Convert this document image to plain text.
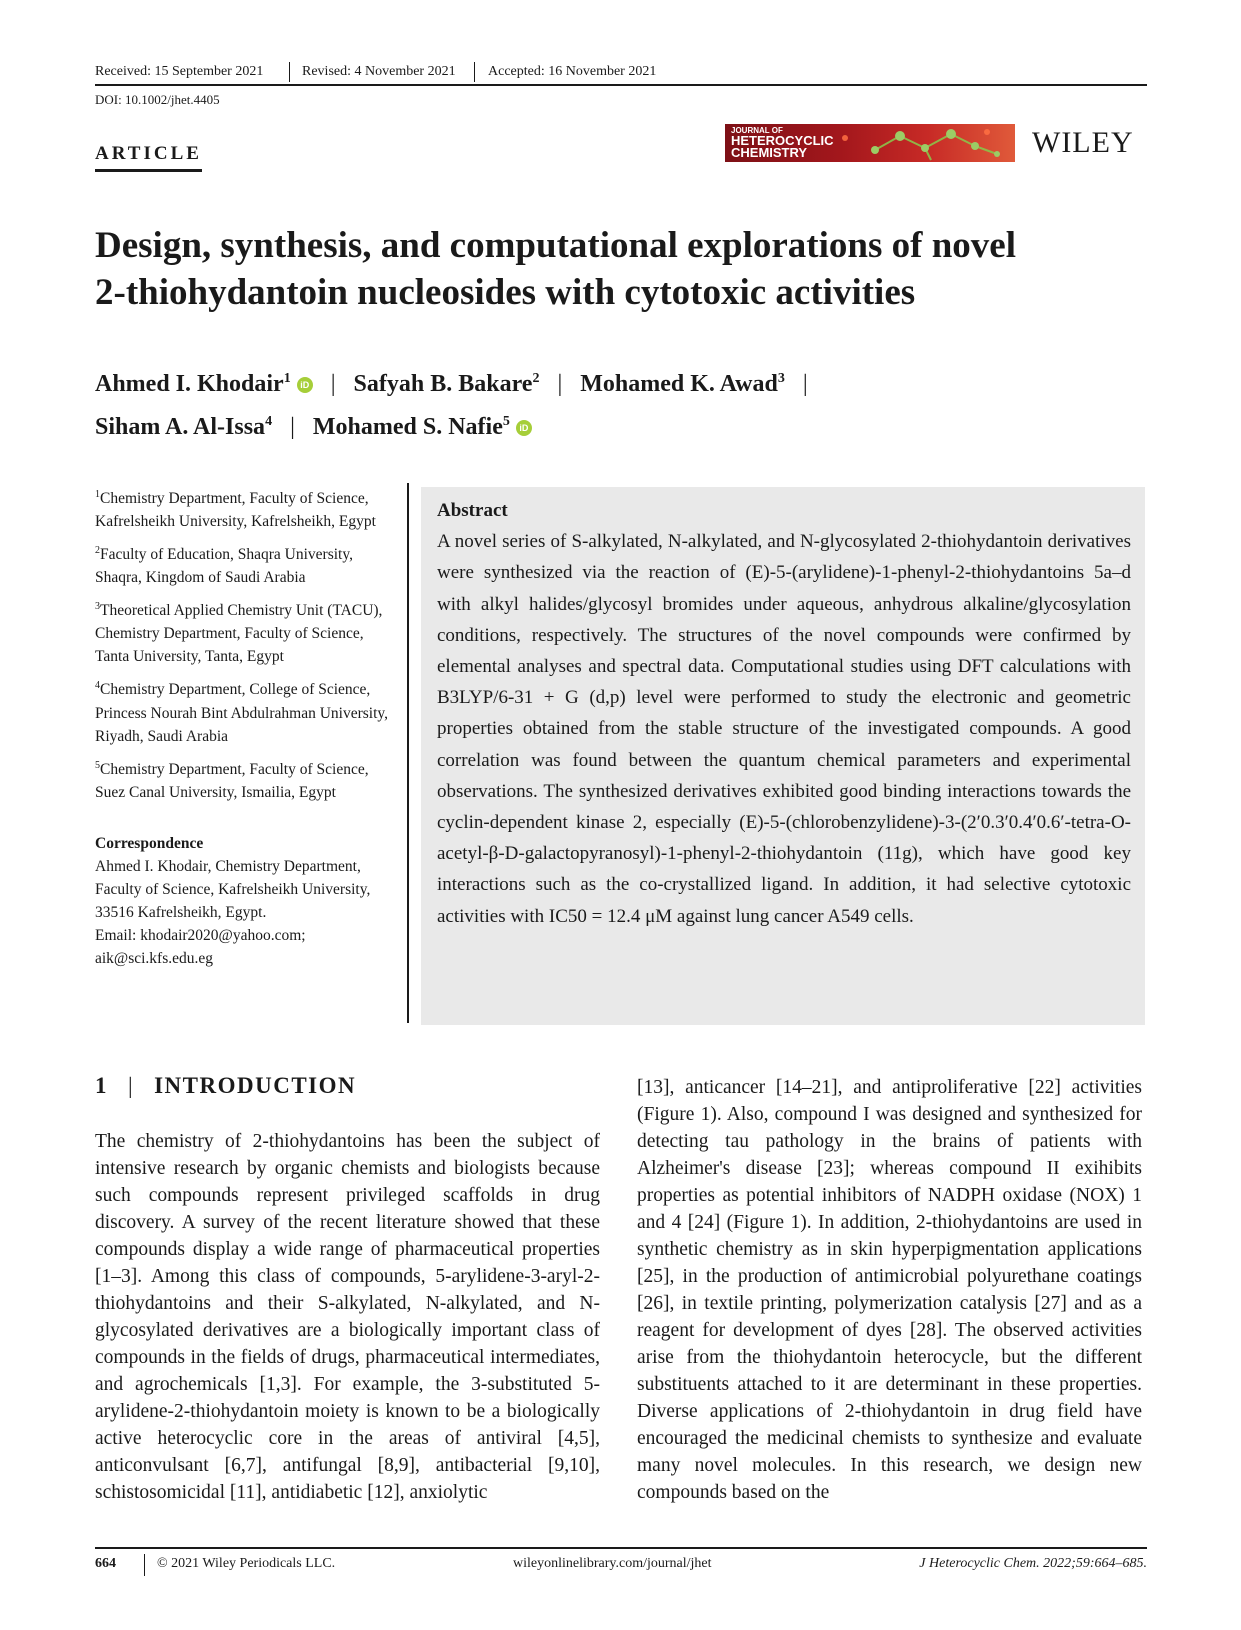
Received: 15 September 2021	Revised: 4 November 2021 Accepted: 16 November 2021
DOI: 10.1002/jhet.4405
ARTICLE
JOURNAL OF
HETEROCYCLIC
CHEMISTRY	WILEY
Design, synthesis, and computational explorations of novel
2-thiohydantoin nucleosides with cytotoxic activities
Ahmed I. Khodair$^1$ iD | Safyah B. Bakare$^2$ | Mohamed K. Awad$^3$ |
Siham A. Al-Issa$^4$ | Mohamed S. Nafie$^5$ iD

$^1$Chemistry Department, Faculty of Science, Kafrelsheikh University, Kafrelsheikh, Egypt

$^2$Faculty of Education, Shaqra University, Shaqra, Kingdom of Saudi Arabia

$^3$Theoretical Applied Chemistry Unit (TACU), Chemistry Department, Faculty of Science, Tanta University, Tanta, Egypt

$^4$Chemistry Department, College of Science, Princess Nourah Bint Abdulrahman University, Riyadh, Saudi Arabia

$^5$Chemistry Department, Faculty of Science, Suez Canal University, Ismailia, Egypt

Correspondence

Ahmed I. Khodair, Chemistry Department, Faculty of Science, Kafrelsheikh University, 33516 Kafrelsheikh, Egypt.
Email: khodair2020@yahoo.com; aik@sci.kfs.edu.eg

Abstract
A novel series of S-alkylated, N-alkylated, and N-glycosylated 2-thiohydantoin derivatives were synthesized via the reaction of (E)-5-(arylidene)-1-phenyl-2-thiohydantoins 5a–d with alkyl halides/glycosyl bromides under aqueous, anhydrous alkaline/glycosylation conditions, respectively. The structures of the novel compounds were confirmed by elemental analyses and spectral data. Computational studies using DFT calculations with B3LYP/6-31 + G (d,p) level were performed to study the electronic and geometric properties obtained from the stable structure of the investigated compounds. A good correlation was found between the quantum chemical parameters and experimental observations. The synthesized derivatives exhibited good binding interactions towards the cyclin-dependent kinase 2, especially (E)-5-(chlorobenzylidene)-3-(2′0.3′0.4′0.6′-tetra-O-acetyl-β-D-galactopyranosyl)-1-phenyl-2-thiohydantoin (11g), which have good key interactions such as the co-crystallized ligand. In addition, it had selective cytotoxic activities with IC50 = 12.4 μM against lung cancer A549 cells.
1 | INTRODUCTION
The chemistry of 2-thiohydantoins has been the subject of intensive research by organic chemists and biologists because such compounds represent privileged scaffolds in drug discovery. A survey of the recent literature showed that these compounds display a wide range of pharmaceutical properties [1–3]. Among this class of compounds, 5-arylidene-3-aryl-2-thiohydantoins and their S-alkylated, N-alkylated, and N-glycosylated derivatives are a biologically important class of compounds in the fields of drugs, pharmaceutical intermediates, and agrochemicals [1,3]. For example, the 3-substituted 5-arylidene-2-thiohydantoin moiety is known to be a biologically active heterocyclic core in the areas of antiviral [4,5], anticonvulsant [6,7], antifungal [8,9], antibacterial [9,10], schistosomicidal [11], antidiabetic [12], anxiolytic
[13], anticancer [14–21], and antiproliferative [22] activities (Figure 1). Also, compound I was designed and synthesized for detecting tau pathology in the brains of patients with Alzheimer's disease [23]; whereas compound II exihibits properties as potential inhibitors of NADPH oxidase (NOX) 1 and 4 [24] (Figure 1). In addition, 2-thiohydantoins are used in synthetic chemistry as in skin hyperpigmentation applications [25], in the production of antimicrobial polyurethane coatings [26], in textile printing, polymerization catalysis [27] and as a reagent for development of dyes [28]. The observed activities arise from the thiohydantoin heterocycle, but the different substituents attached to it are determinant in these properties. Diverse applications of 2-thiohydantoin in drug field have encouraged the medicinal chemists to synthesize and evaluate many novel molecules. In this research, we design new compounds based on the
664	© 2021 Wiley Periodicals LLC.	wileyonlinelibrary.com/journal/jhet	J Heterocyclic Chem. 2022;59:664–685.
